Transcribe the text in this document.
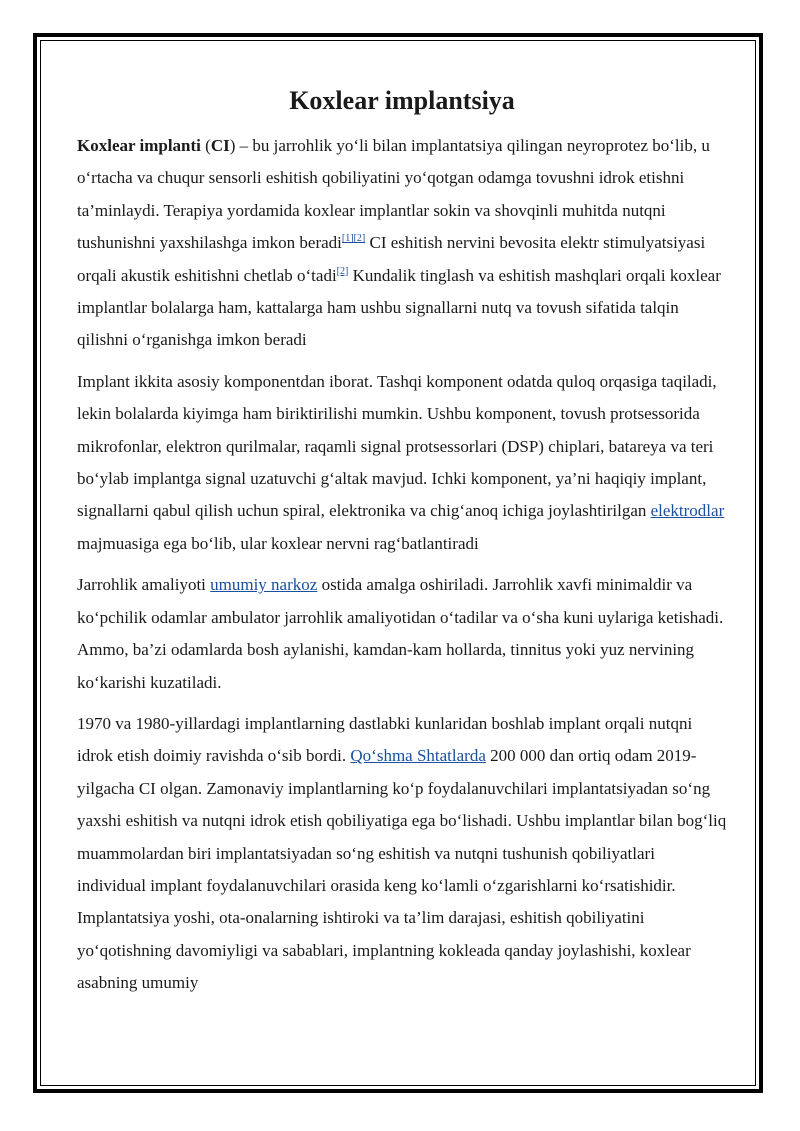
Koxlear implantsiya

Koxlear implanti (CI) – bu jarrohlik yo‘li bilan implantatsiya qilingan neyroprotez bo‘lib, u o‘rtacha va chuqur sensorli eshitish qobiliyatini yo‘qotgan odamga tovushni idrok etishni ta’minlaydi. Terapiya yordamida koxlear implantlar sokin va shovqinli muhitda nutqni tushunishni yaxshilashga imkon beradi[1][2] CI eshitish nervini bevosita elektr stimulyatsiyasi orqali akustik eshitishni chetlab o‘tadi[2] Kundalik tinglash va eshitish mashqlari orqali koxlear implantlar bolalarga ham, kattalarga ham ushbu signallarni nutq va tovush sifatida talqin qilishni o‘rganishga imkon beradi

Implant ikkita asosiy komponentdan iborat. Tashqi komponent odatda quloq orqasiga taqiladi, lekin bolalarda kiyimga ham biriktirilishi mumkin. Ushbu komponent, tovush protsessorida mikrofonlar, elektron qurilmalar, raqamli signal protsessorlari (DSP) chiplari, batareya va teri bo‘ylab implantga signal uzatuvchi g‘altak mavjud. Ichki komponent, ya’ni haqiqiy implant, signallarni qabul qilish uchun spiral, elektronika va chig‘anoq ichiga joylashtirilgan elektrodlar majmuasiga ega bo‘lib, ular koxlear nervni rag‘batlantiradi

Jarrohlik amaliyoti umumiy narkoz ostida amalga oshiriladi. Jarrohlik xavfi minimaldir va ko‘pchilik odamlar ambulator jarrohlik amaliyotidan o‘tadilar va o‘sha kuni uylariga ketishadi. Ammo, ba’zi odamlarda bosh aylanishi, kamdan-kam hollarda, tinnitus yoki yuz nervining ko‘karishi kuzatiladi.

1970 va 1980-yillardagi implantlarning dastlabki kunlaridan boshlab implant orqali nutqni idrok etish doimiy ravishda o‘sib bordi. Qo‘shma Shtatlarda 200 000 dan ortiq odam 2019-yilgacha CI olgan. Zamonaviy implantlarning ko‘p foydalanuvchilari implantatsiyadan so‘ng yaxshi eshitish va nutqni idrok etish qobiliyatiga ega bo‘lishadi. Ushbu implantlar bilan bog‘liq muammolardan biri implantatsiyadan so‘ng eshitish va nutqni tushunish qobiliyatlari individual implant foydalanuvchilari orasida keng ko‘lamli o‘zgarishlarni ko‘rsatishidir. Implantatsiya yoshi, ota-onalarning ishtiroki va ta’lim darajasi, eshitish qobiliyatini yo‘qotishning davomiyligi va sabablari, implantning kokleada qanday joylashishi, koxlear asabning umumiy
